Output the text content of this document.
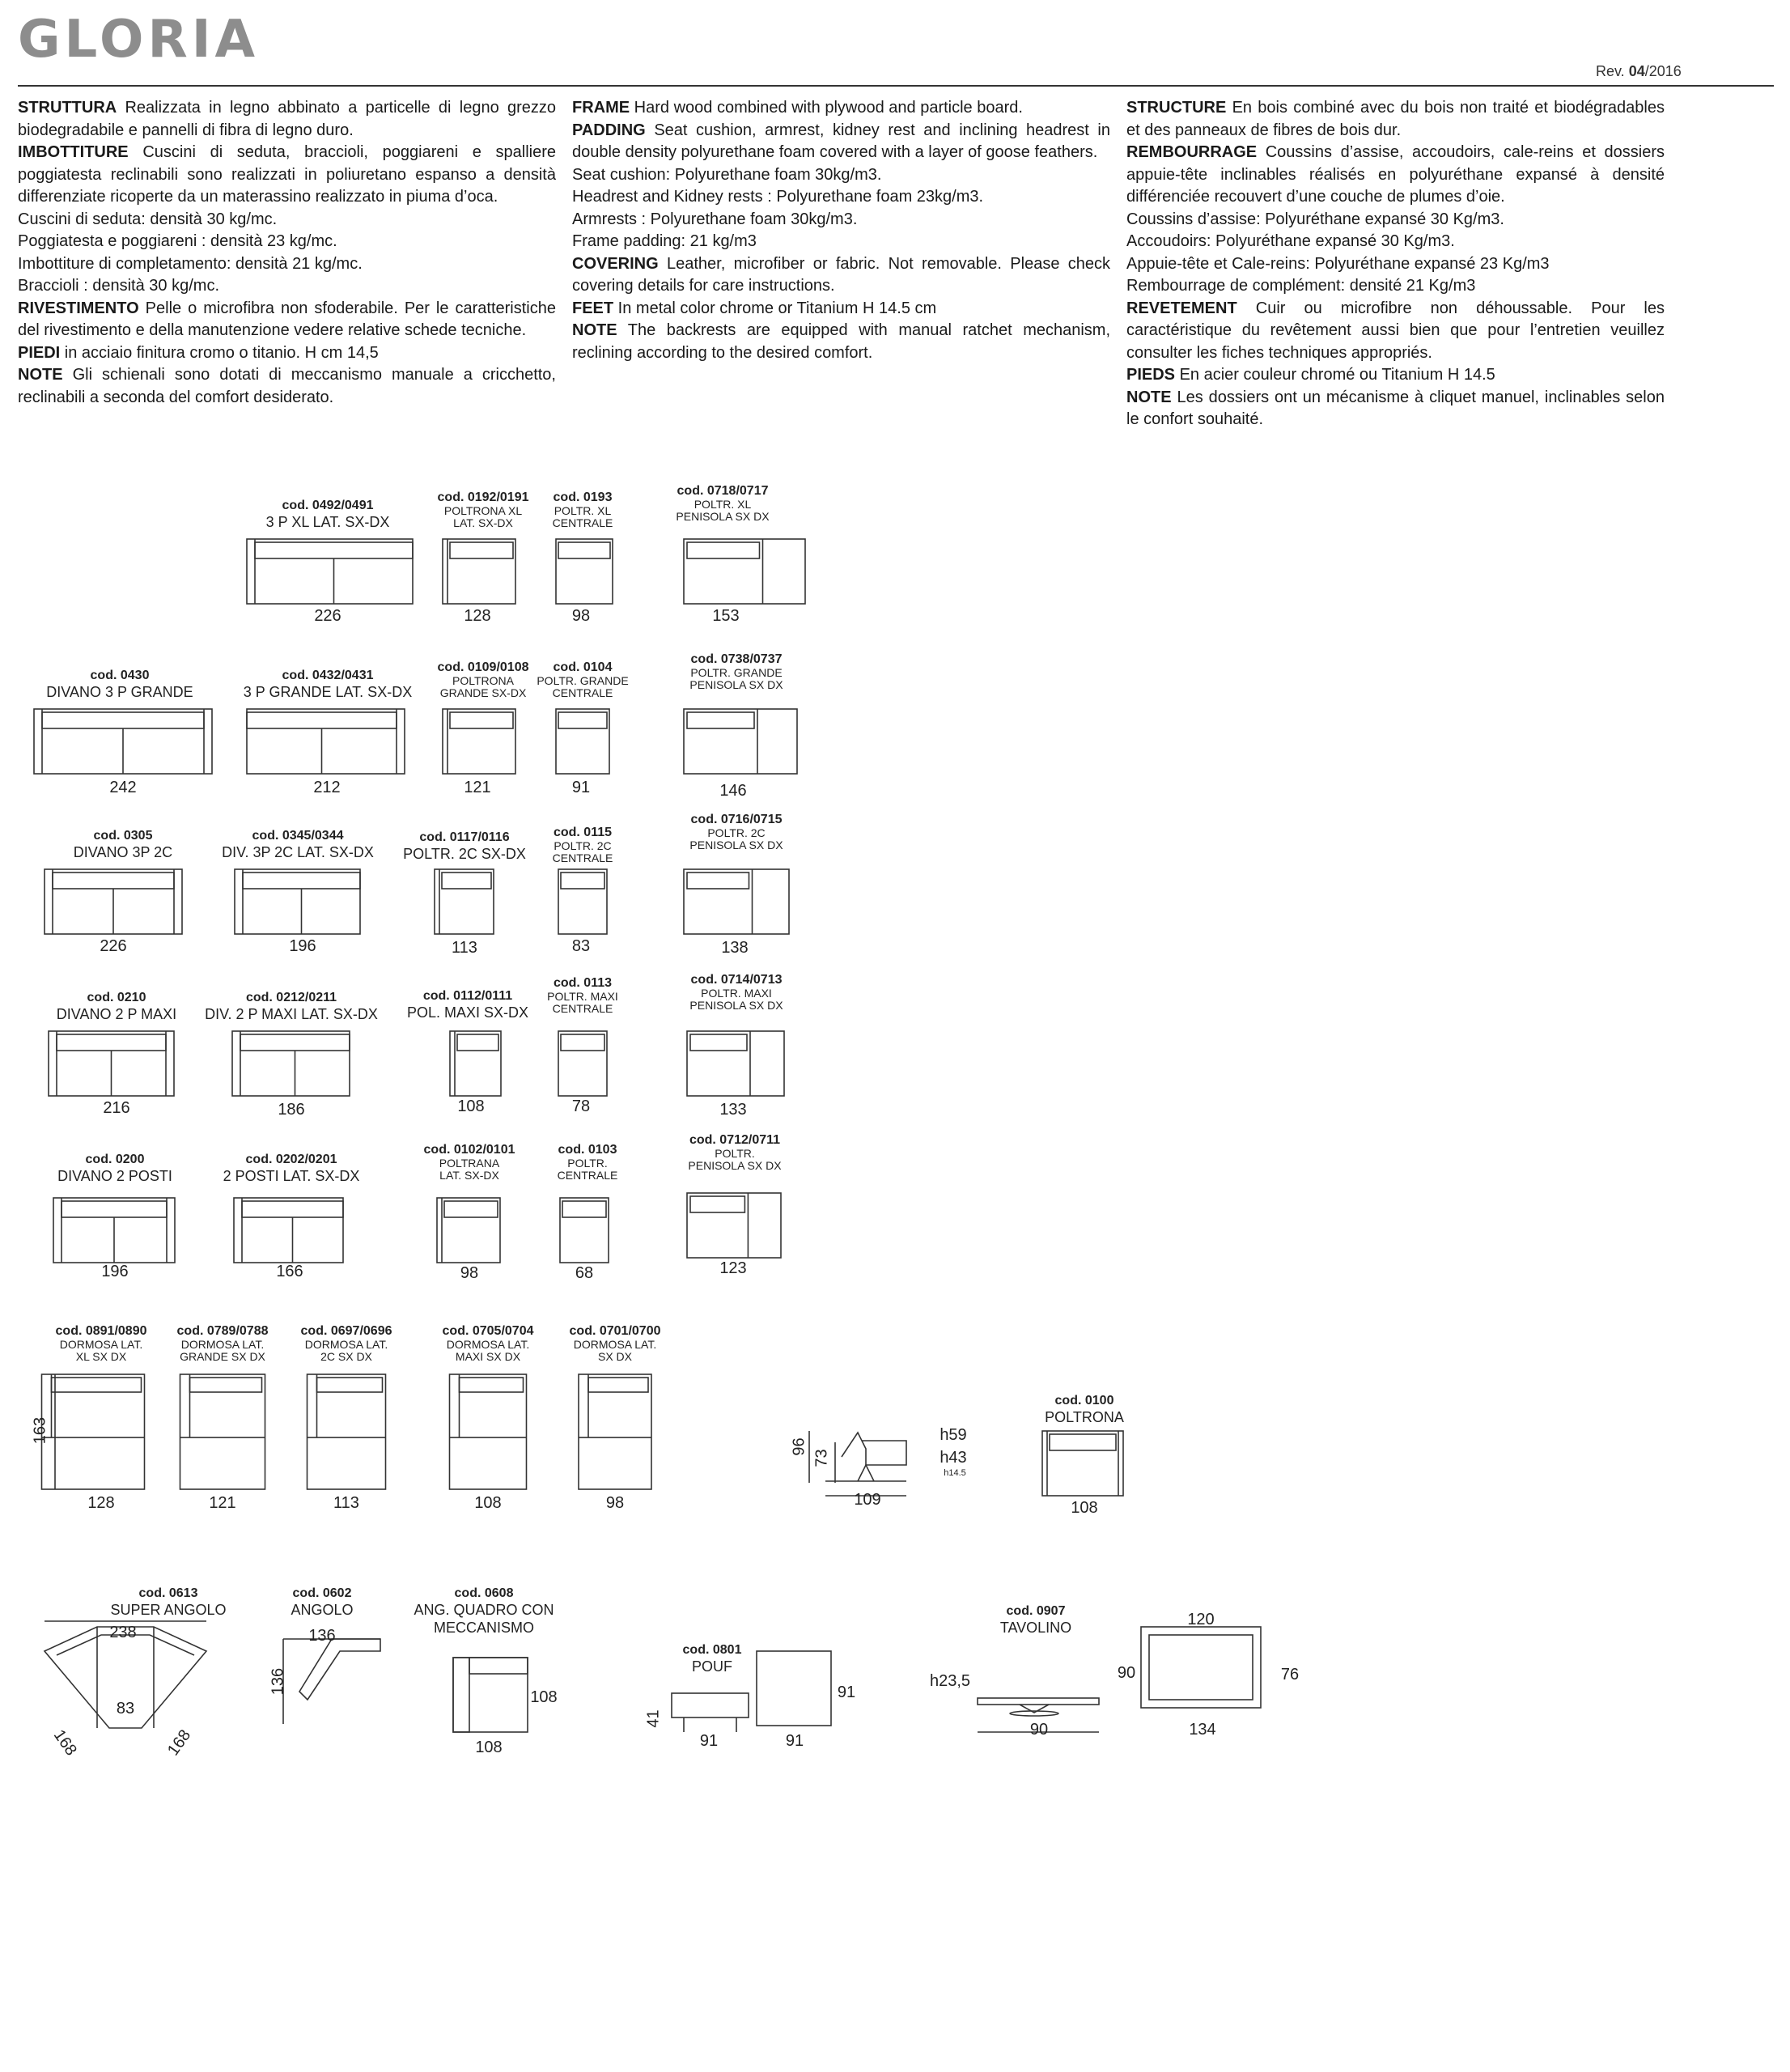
GLORIA
Rev. 04/2016

STRUTTURA Realizzata in legno abbinato a particelle di legno grezzo biodegradabile e pannelli di fibra di legno duro.

IMBOTTITURE Cuscini di seduta, braccioli, poggiareni e spalliere poggiatesta reclinabili sono realizzati in poliuretano espanso a densità differenziate ricoperte da un materassino realizzato in piuma d’oca.

Cuscini di seduta: densità 30 kg/mc.

Poggiatesta e poggiareni : densità 23 kg/mc.

Imbottiture di completamento: densità 21 kg/mc.

Braccioli : densità 30 kg/mc.

RIVESTIMENTO Pelle o microfibra non sfoderabile. Per le caratteristiche del rivestimento e della manutenzione vedere relative schede tecniche.

PIEDI in acciaio finitura cromo o titanio. H cm 14,5

NOTE Gli schienali sono dotati di meccanismo manuale a cricchetto, reclinabili a seconda del comfort desiderato.

FRAME Hard wood combined with plywood and particle board.

PADDING Seat cushion, armrest, kidney rest and inclining headrest in double density polyurethane foam covered with a layer of goose feathers.

Seat cushion: Polyurethane foam 30kg/m3.

Headrest and Kidney rests : Polyurethane foam 23kg/m3.

Armrests : Polyurethane foam 30kg/m3.

Frame padding: 21 kg/m3

COVERING Leather, microfiber or fabric. Not removable. Please check covering details for care instructions.

FEET In metal color chrome or Titanium H 14.5 cm

NOTE The backrests are equipped with manual ratchet mechanism, reclining according to the desired comfort.

STRUCTURE En bois combiné avec du bois non traité et biodégradables et des panneaux de fibres de bois dur.

REMBOURRAGE Coussins d’assise, accoudoirs, cale-reins et dossiers appuie-tête inclinables réalisés en polyuréthane expansé à densité différenciée recouvert d’une couche de plumes d’oie.

Coussins d’assise: Polyuréthane expansé 30 Kg/m3.

Accoudoirs: Polyuréthane expansé 30 Kg/m3.

Appuie-tête et Cale-reins: Polyuréthane expansé 23 Kg/m3

Rembourrage de complément: densité 21 Kg/m3

REVETEMENT Cuir ou microfibre non déhoussable. Pour les caractéristique du revêtement aussi bien que pour l’entretien veuillez consulter les fiches techniques appropriés.

PIEDS En acier couleur chromé ou Titanium H 14.5

NOTE Les dossiers ont un mécanisme à cliquet manuel, inclinables selon le confort souhaité.

cod. 0492/0491
3 P XL LAT. SX-DX
226
cod. 0192/0191
POLTRONA XL
LAT. SX-DX
128
cod. 0193
POLTR. XL
CENTRALE
98
cod. 0718/0717
POLTR. XL
PENISOLA SX DX
153
cod. 0430
DIVANO 3 P GRANDE
242
cod. 0432/0431
3 P GRANDE LAT. SX-DX
212
cod. 0109/0108
POLTRONA
GRANDE SX-DX
121
cod. 0104
POLTR. GRANDE
CENTRALE
91
cod. 0738/0737
POLTR. GRANDE
PENISOLA SX DX
146
cod. 0305
DIVANO 3P 2C
226
cod. 0345/0344
DIV. 3P 2C LAT. SX-DX
196
cod. 0117/0116
POLTR. 2C SX-DX
113
cod. 0115
POLTR. 2C
CENTRALE
83
cod. 0716/0715
POLTR. 2C
PENISOLA SX DX
138
cod. 0210
DIVANO 2 P MAXI
216
cod. 0212/0211
DIV. 2 P MAXI LAT. SX-DX
186
cod. 0112/0111
POL. MAXI SX-DX
108
cod. 0113
POLTR. MAXI
CENTRALE
78
cod. 0714/0713
POLTR. MAXI
PENISOLA SX DX
133
cod. 0200
DIVANO 2 POSTI
196
cod. 0202/0201
2 POSTI LAT. SX-DX
166
cod. 0102/0101
POLTRANA
LAT. SX-DX
98
cod. 0103
POLTR.
CENTRALE
68
cod. 0712/0711
POLTR.
PENISOLA SX DX
123
cod. 0891/0890
DORMOSA LAT.
XL SX DX
128
cod. 0789/0788
DORMOSA LAT.
GRANDE SX DX
121
cod. 0697/0696
DORMOSA LAT.
2C SX DX
113
cod. 0705/0704
DORMOSA LAT.
MAXI SX DX
108
cod. 0701/0700
DORMOSA LAT.
SX DX
98
163
96
73
h59
h43
h14.5
109
cod. 0100
POLTRONA
108
cod. 0613
SUPER ANGOLO
238
83
168	168
cod. 0602
ANGOLO
136
136
cod. 0608
ANG. QUADRO CON
MECCANISMO
108
108
cod. 0801
POUF
41
91	91
91
cod. 0907
TAVOLINO
h23,5
90
120
90	76
134
